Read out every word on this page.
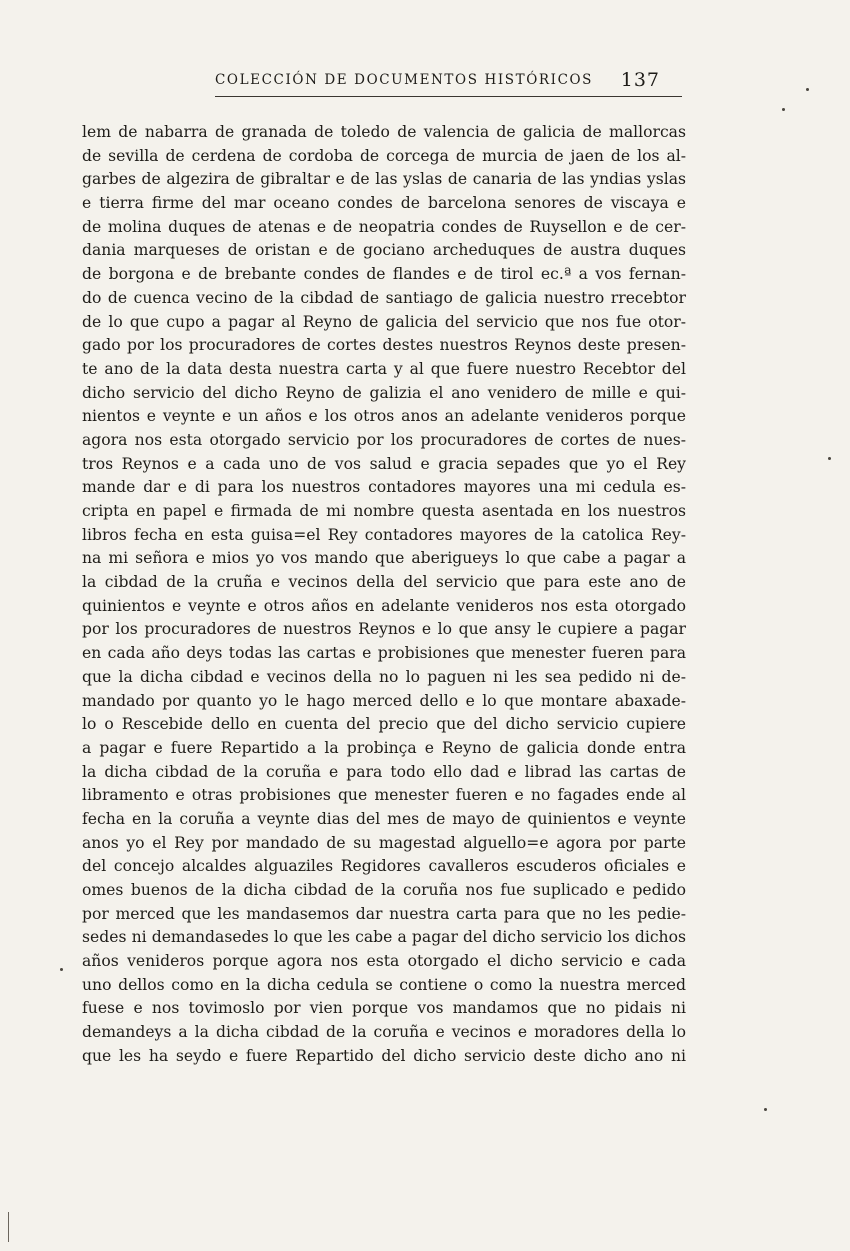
COLECCIÓN DE DOCUMENTOS HISTÓRICOS 137
lem de nabarra de granada de toledo de valencia de galicia de mallorcas
de sevilla de cerdena de cordoba de corcega de murcia de jaen de los al-
garbes de algezira de gibraltar e de las yslas de canaria de las yndias yslas
e tierra firme del mar oceano condes de barcelona senores de viscaya e
de molina duques de atenas e de neopatria condes de Ruysellon e de cer-
dania marqueses de oristan e de gociano archeduques de austra duques
de borgona e de brebante condes de flandes e de tirol ec.ª a vos fernan-
do de cuenca vecino de la cibdad de santiago de galicia nuestro rrecebtor
de lo que cupo a pagar al Reyno de galicia del servicio que nos fue otor-
gado por los procuradores de cortes destes nuestros Reynos deste presen-
te ano de la data desta nuestra carta y al que fuere nuestro Recebtor del
dicho servicio del dicho Reyno de galizia el ano venidero de mille e qui-
nientos e veynte e un años e los otros anos an adelante venideros porque
agora nos esta otorgado servicio por los procuradores de cortes de nues-
tros Reynos e a cada uno de vos salud e gracia sepades que yo el Rey
mande dar e di para los nuestros contadores mayores una mi cedula es-
cripta en papel e firmada de mi nombre questa asentada en los nuestros
libros fecha en esta guisa=el Rey contadores mayores de la catolica Rey-
na mi señora e mios yo vos mando que aberigueys lo que cabe a pagar a
la cibdad de la cruña e vecinos della del servicio que para este ano de
quinientos e veynte e otros años en adelante venideros nos esta otorgado
por los procuradores de nuestros Reynos e lo que ansy le cupiere a pagar
en cada año deys todas las cartas e probisiones que menester fueren para
que la dicha cibdad e vecinos della no lo paguen ni les sea pedido ni de-
mandado por quanto yo le hago merced dello e lo que montare abaxade-
lo o Rescebide dello en cuenta del precio que del dicho servicio cupiere
a pagar e fuere Repartido a la probinça e Reyno de galicia donde entra
la dicha cibdad de la coruña e para todo ello dad e librad las cartas de
libramento e otras probisiones que menester fueren e no fagades ende al
fecha en la coruña a veynte dias del mes de mayo de quinientos e veynte
anos yo el Rey por mandado de su magestad alguello=e agora por parte
del concejo alcaldes alguaziles Regidores cavalleros escuderos oficiales e
omes buenos de la dicha cibdad de la coruña nos fue suplicado e pedido
por merced que les mandasemos dar nuestra carta para que no les pedie-
sedes ni demandasedes lo que les cabe a pagar del dicho servicio los dichos
años venideros porque agora nos esta otorgado el dicho servicio e cada
uno dellos como en la dicha cedula se contiene o como la nuestra merced
fuese e nos tovimoslo por vien porque vos mandamos que no pidais ni
demandeys a la dicha cibdad de la coruña e vecinos e moradores della lo
que les ha seydo e fuere Repartido del dicho servicio deste dicho ano ni
